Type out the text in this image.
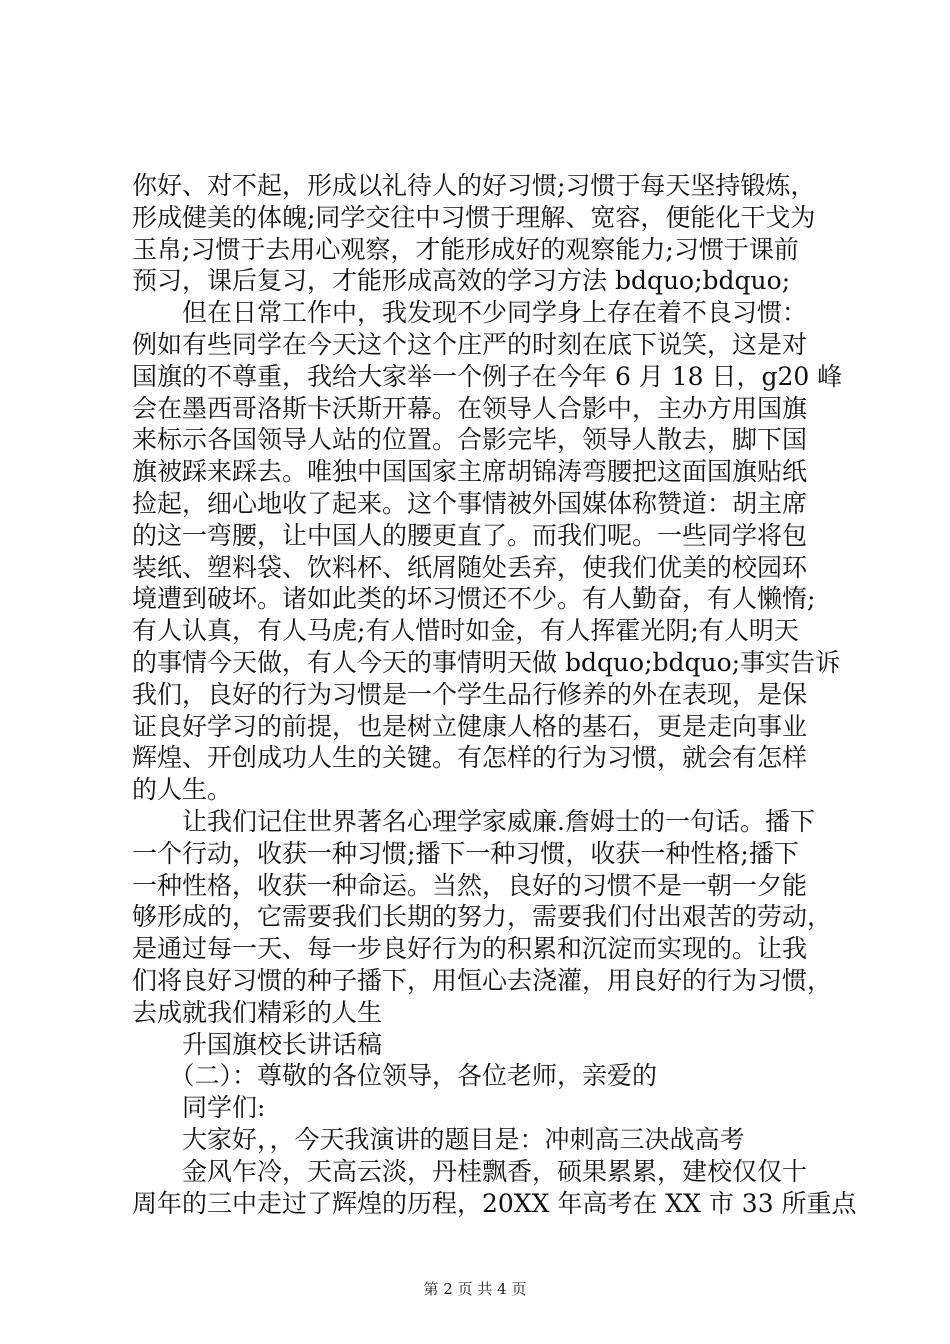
你好、对不起，形成以礼待人的好习惯;习惯于每天坚持锻炼，
形成健美的体魄;同学交往中习惯于理解、宽容，便能化干戈为
玉帛;习惯于去用心观察，才能形成好的观察能力;习惯于课前
预习，课后复习，才能形成高效的学习方法 bdquo;bdquo;
　　但在日常工作中，我发现不少同学身上存在着不良习惯：
例如有些同学在今天这个这个庄严的时刻在底下说笑，这是对
国旗的不尊重，我给大家举一个例子在今年 6 月 18 日，g20 峰
会在墨西哥洛斯卡沃斯开幕。在领导人合影中，主办方用国旗
来标示各国领导人站的位置。合影完毕，领导人散去，脚下国
旗被踩来踩去。唯独中国国家主席胡锦涛弯腰把这面国旗贴纸
捡起，细心地收了起来。这个事情被外国媒体称赞道：胡主席
的这一弯腰，让中国人的腰更直了。而我们呢。一些同学将包
装纸、塑料袋、饮料杯、纸屑随处丢弃，使我们优美的校园环
境遭到破坏。诸如此类的坏习惯还不少。有人勤奋，有人懒惰;
有人认真，有人马虎;有人惜时如金，有人挥霍光阴;有人明天
的事情今天做，有人今天的事情明天做 bdquo;bdquo;事实告诉
我们，良好的行为习惯是一个学生品行修养的外在表现，是保
证良好学习的前提，也是树立健康人格的基石，更是走向事业
辉煌、开创成功人生的关键。有怎样的行为习惯，就会有怎样
的人生。
　　让我们记住世界著名心理学家威廉.詹姆士的一句话。播下
一个行动，收获一种习惯;播下一种习惯，收获一种性格;播下
一种性格，收获一种命运。当然，良好的习惯不是一朝一夕能
够形成的，它需要我们长期的努力，需要我们付出艰苦的劳动，
是通过每一天、每一步良好行为的积累和沉淀而实现的。让我
们将良好习惯的种子播下，用恒心去浇灌，用良好的行为习惯，
去成就我们精彩的人生
　　升国旗校长讲话稿
　　（二）：尊敬的各位领导，各位老师，亲爱的
　　同学们:
　　大家好，，今天我演讲的题目是：冲刺高三决战高考
　　金风乍冷，天高云淡，丹桂飘香，硕果累累，建校仅仅十
周年的三中走过了辉煌的历程，20XX 年高考在 XX 市 33 所重点
第 2 页 共 4 页
